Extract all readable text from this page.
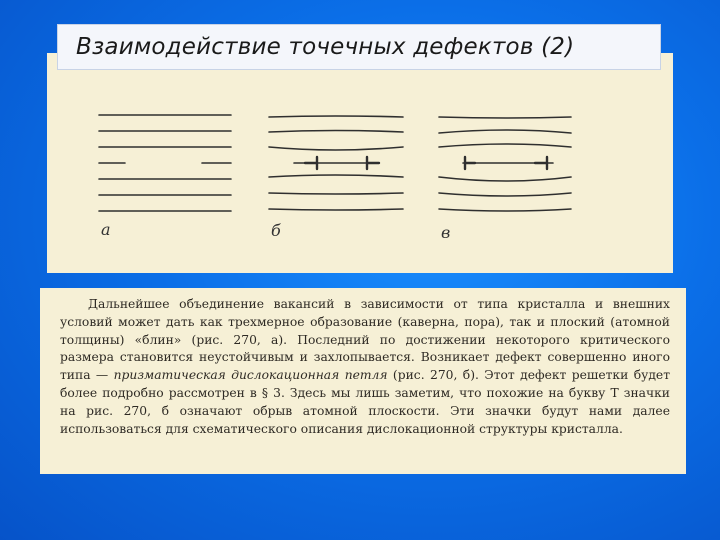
а	б	в
Взаимодействие точечных дефектов (2)

Дальнейшее объединение вакансий в зависимости от типа кристалла и внешних условий может дать как трехмерное образование (каверна, пора), так и плоский (атомной толщины) «блин» (рис. 270, а). Последний по достижении некоторого критического размера становится неустойчивым и захлопывается. Возникает дефект совершенно иного типа — призматическая дислокационная петля (рис. 270, б). Этот дефект решетки будет более подробно рассмотрен в § 3. Здесь мы лишь заметим, что похожие на букву T значки на рис. 270, б означают обрыв атомной плоскости. Эти значки будут нами далее использоваться для схематического описания дислокационной структуры кристалла.
